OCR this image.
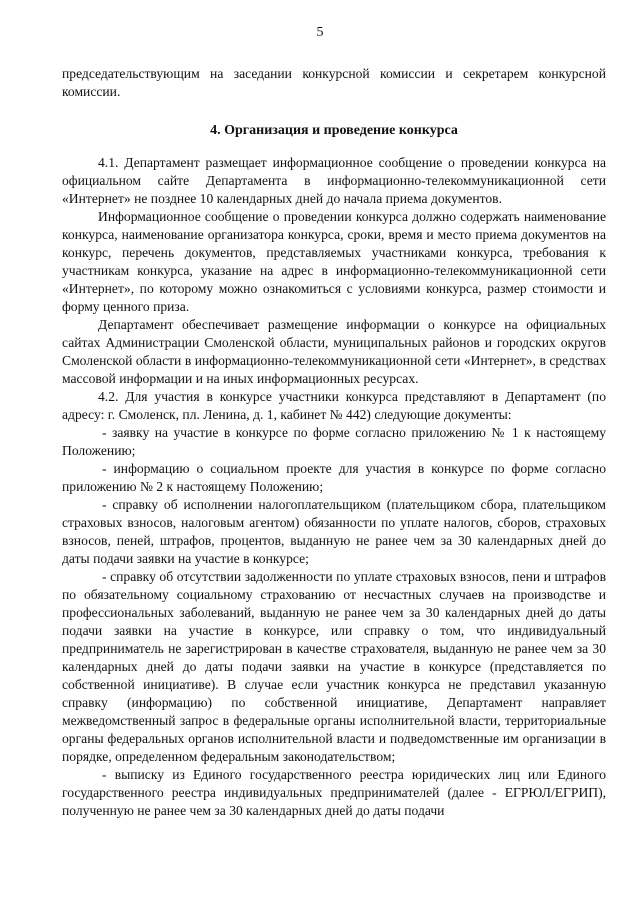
5

председательствующим на заседании конкурсной комиссии и секретарем конкурсной комиссии.

4. Организация и проведение конкурса

4.1. Департамент размещает информационное сообщение о проведении конкурса на официальном сайте Департамента в информационно-телекоммуникационной сети «Интернет» не позднее 10 календарных дней до начала приема документов.

Информационное сообщение о проведении конкурса должно содержать наименование конкурса, наименование организатора конкурса, сроки, время и место приема документов на конкурс, перечень документов, представляемых участниками конкурса, требования к участникам конкурса, указание на адрес в информационно-телекоммуникационной сети «Интернет», по которому можно ознакомиться с условиями конкурса, размер стоимости и форму ценного приза.

Департамент обеспечивает размещение информации о конкурсе на официальных сайтах Администрации Смоленской области, муниципальных районов и городских округов Смоленской области в информационно-телекоммуникационной сети «Интернет», в средствах массовой информации и на иных информационных ресурсах.

4.2. Для участия в конкурсе участники конкурса представляют в Департамент (по адресу: г. Смоленск, пл. Ленина, д. 1, кабинет № 442) следующие документы:

- заявку на участие в конкурсе по форме согласно приложению № 1 к настоящему Положению;

- информацию о социальном проекте для участия в конкурсе по форме согласно приложению № 2 к настоящему Положению;

- справку об исполнении налогоплательщиком (плательщиком сбора, плательщиком страховых взносов, налоговым агентом) обязанности по уплате налогов, сборов, страховых взносов, пеней, штрафов, процентов, выданную не ранее чем за 30 календарных дней до даты подачи заявки на участие в конкурсе;

- справку об отсутствии задолженности по уплате страховых взносов, пени и штрафов по обязательному социальному страхованию от несчастных случаев на производстве и профессиональных заболеваний, выданную не ранее чем за 30 календарных дней до даты подачи заявки на участие в конкурсе, или справку о том, что индивидуальный предприниматель не зарегистрирован в качестве страхователя, выданную не ранее чем за 30 календарных дней до даты подачи заявки на участие в конкурсе (представляется по собственной инициативе). В случае если участник конкурса не представил указанную справку (информацию) по собственной инициативе, Департамент направляет межведомственный запрос в федеральные органы исполнительной власти, территориальные органы федеральных органов исполнительной власти и подведомственные им организации в порядке, определенном федеральным законодательством;

- выписку из Единого государственного реестра юридических лиц или Единого государственного реестра индивидуальных предпринимателей (далее - ЕГРЮЛ/ЕГРИП), полученную не ранее чем за 30 календарных дней до даты подачи
